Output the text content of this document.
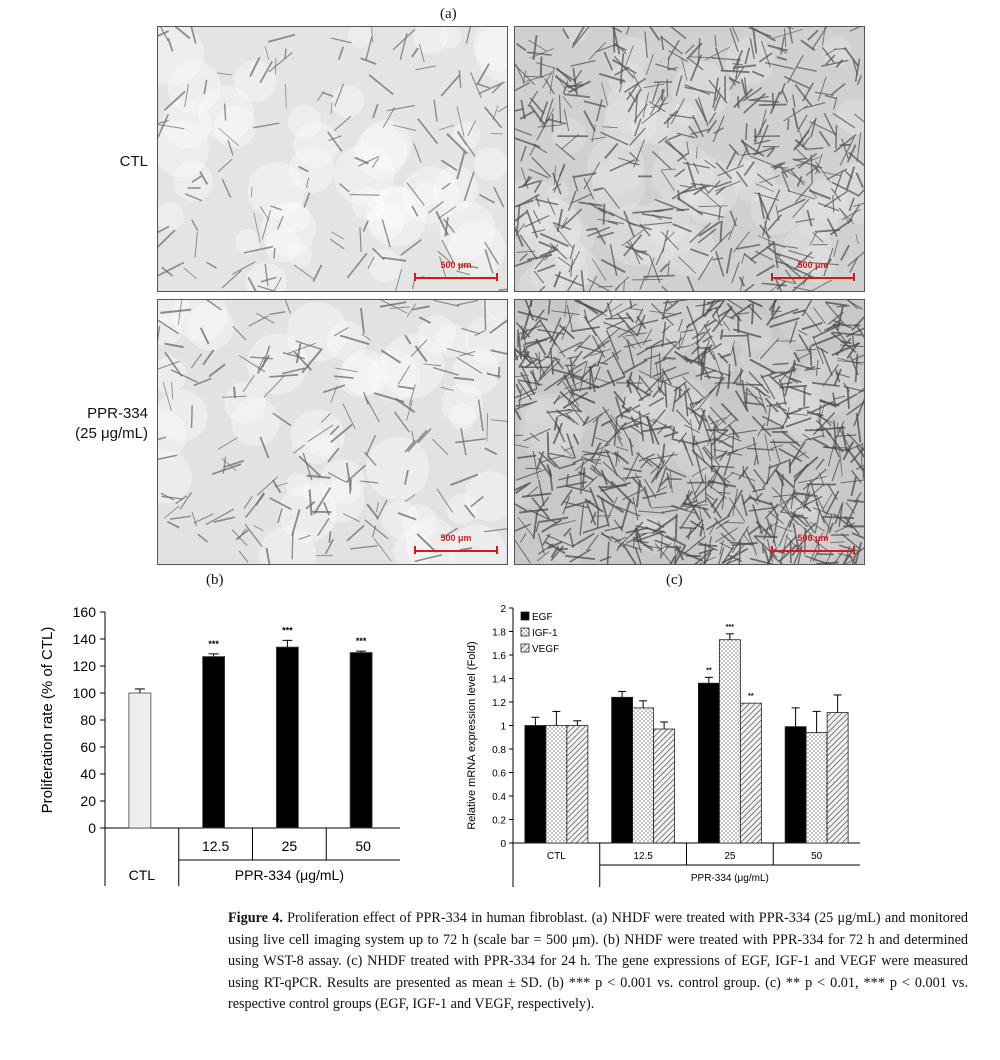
(a)
CTL
PPR-334
(25 μg/mL)
500 μm	500 μm
500 μm	500 μm
(b)	(c)
0
20
40
60
80
100
120
140
160
Proliferation rate (% of CTL)	***
12.5
***
25
***
50
CTL	PPR-334 (μg/mL)
0
0.2
0.4
0.6
0.8
1
1.2
1.4
1.6
1.8
2
Relative mRNA expression level (Fold)
CTL	12.5
**
***
**
25	50
PPR-334 (μg/mL)
EGF
IGF-1
VEGF
Figure 4. Proliferation effect of PPR-334 in human fibroblast. (a) NHDF were treated with PPR-334 (25 μg/mL) and monitored using live cell imaging system up to 72 h (scale bar = 500 μm). (b) NHDF were treated with PPR-334 for 72 h and determined using WST-8 assay. (c) NHDF treated with PPR-334 for 24 h. The gene expressions of EGF, IGF-1 and VEGF were measured using RT-qPCR. Results are presented as mean ± SD. (b) *** p < 0.001 vs. control group. (c) ** p < 0.01, *** p < 0.001 vs. respective control groups (EGF, IGF-1 and VEGF, respectively).
